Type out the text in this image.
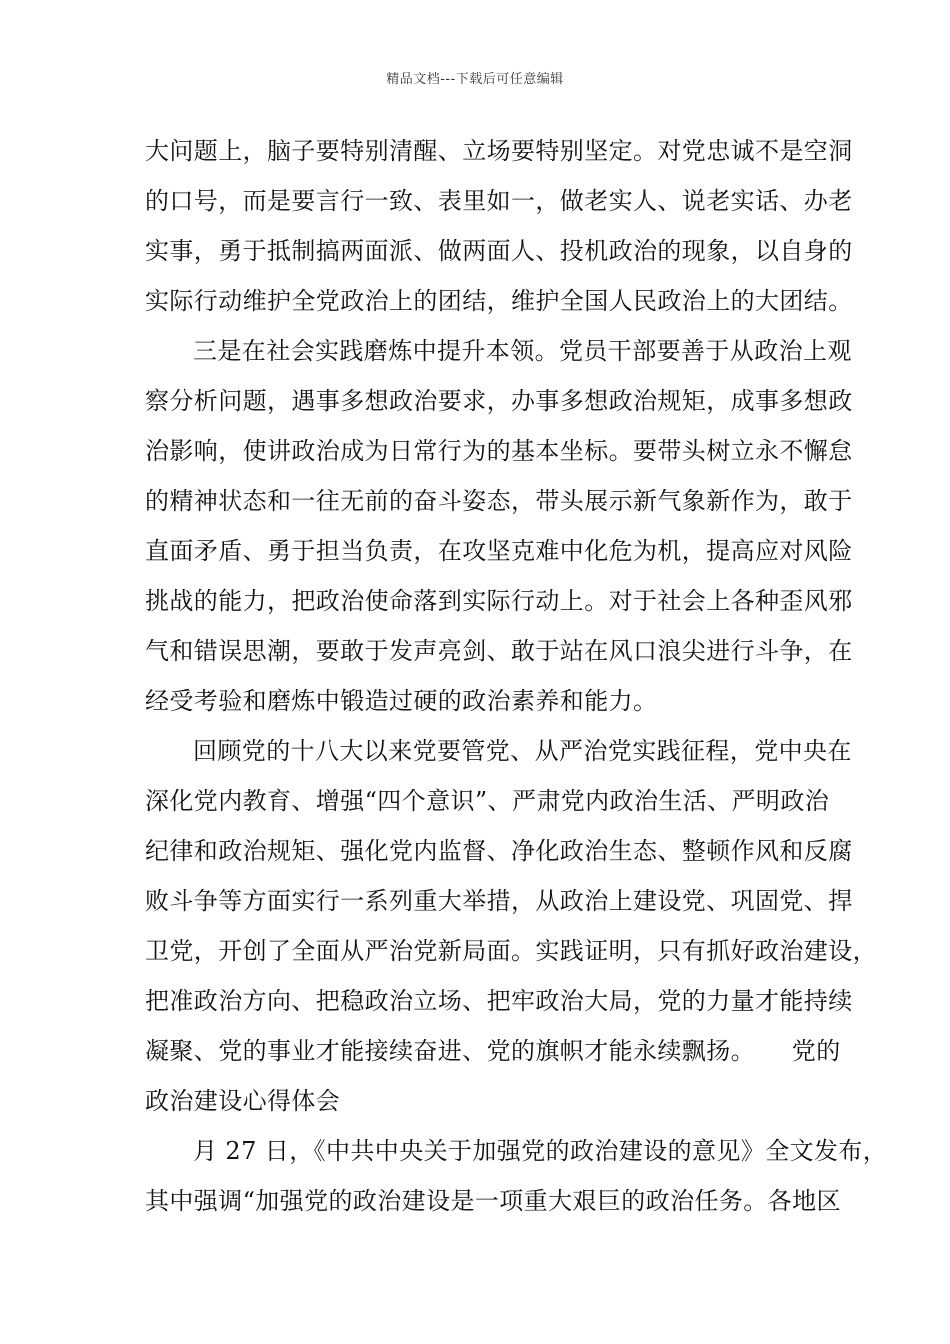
精品文档---下载后可任意编辑
大问题上，脑子要特别清醒、立场要特别坚定。对党忠诚不是空洞
的口号，而是要言行一致、表里如一，做老实人、说老实话、办老
实事，勇于抵制搞两面派、做两面人、投机政治的现象，以自身的
实际行动维护全党政治上的团结，维护全国人民政治上的大团结。
三是在社会实践磨炼中提升本领。党员干部要善于从政治上观
察分析问题，遇事多想政治要求，办事多想政治规矩，成事多想政
治影响，使讲政治成为日常行为的基本坐标。要带头树立永不懈怠
的精神状态和一往无前的奋斗姿态，带头展示新气象新作为，敢于
直面矛盾、勇于担当负责，在攻坚克难中化危为机，提高应对风险
挑战的能力，把政治使命落到实际行动上。对于社会上各种歪风邪
气和错误思潮，要敢于发声亮剑、敢于站在风口浪尖进行斗争，在
经受考验和磨炼中锻造过硬的政治素养和能力。
回顾党的十八大以来党要管党、从严治党实践征程，党中央在
深化党内教育、增强“四个意识”、严肃党内政治生活、严明政治
纪律和政治规矩、强化党内监督、净化政治生态、整顿作风和反腐
败斗争等方面实行一系列重大举措，从政治上建设党、巩固党、捍
卫党，开创了全面从严治党新局面。实践证明，只有抓好政治建设，
把准政治方向、把稳政治立场、把牢政治大局，党的力量才能持续
凝聚、党的事业才能接续奋进、党的旗帜才能永续飘扬。　　党的
政治建设心得体会
月 27 日，《中共中央关于加强党的政治建设的意见》全文发布，
其中强调“加强党的政治建设是一项重大艰巨的政治任务。各地区
